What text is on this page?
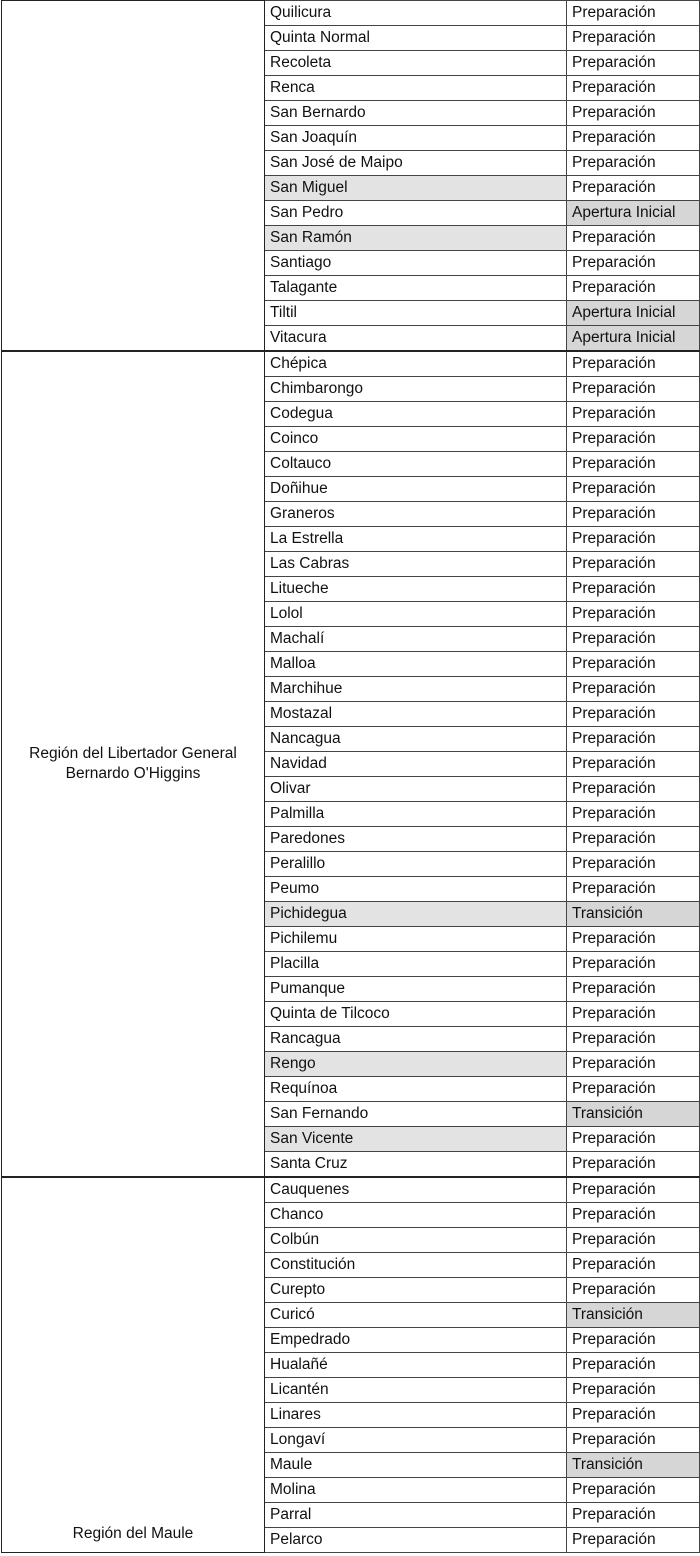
	Quilicura	Preparación
	Quinta Normal	Preparación
	Recoleta	Preparación
	Renca	Preparación
	San Bernardo	Preparación
	San Joaquín	Preparación
	San José de Maipo	Preparación
	San Miguel	Preparación
	San Pedro	Apertura Inicial
	San Ramón	Preparación
	Santiago	Preparación
	Talagante	Preparación
	Tiltil	Apertura Inicial
	Vitacura	Apertura Inicial
Región del Libertador General Bernardo O'Higgins	Chépica	Preparación
	Chimbarongo	Preparación
	Codegua	Preparación
	Coinco	Preparación
	Coltauco	Preparación
	Doñihue	Preparación
	Graneros	Preparación
	La Estrella	Preparación
	Las Cabras	Preparación
	Litueche	Preparación
	Lolol	Preparación
	Machalí	Preparación
	Malloa	Preparación
	Marchihue	Preparación
	Mostazal	Preparación
	Nancagua	Preparación
	Navidad	Preparación
	Olivar	Preparación
	Palmilla	Preparación
	Paredones	Preparación
	Peralillo	Preparación
	Peumo	Preparación
	Pichidegua	Transición
	Pichilemu	Preparación
	Placilla	Preparación
	Pumanque	Preparación
	Quinta de Tilcoco	Preparación
	Rancagua	Preparación
	Rengo	Preparación
	Requínoa	Preparación
	San Fernando	Transición
	San Vicente	Preparación
	Santa Cruz	Preparación
Región del Maule	Cauquenes	Preparación
	Chanco	Preparación
	Colbún	Preparación
	Constitución	Preparación
	Curepto	Preparación
	Curicó	Transición
	Empedrado	Preparación
	Hualañé	Preparación
	Licantén	Preparación
	Linares	Preparación
	Longaví	Preparación
	Maule	Transición
	Molina	Preparación
	Parral	Preparación
	Pelarco	Preparación
